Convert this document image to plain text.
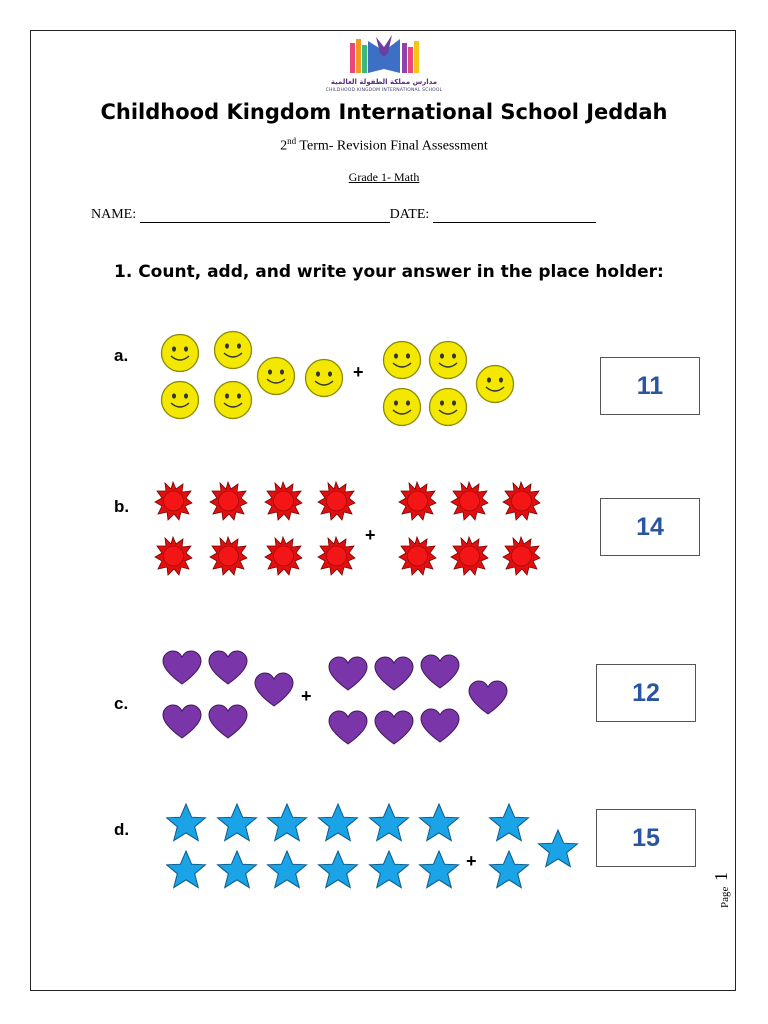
مدارس مملكة الطفولة العالمية
CHILDHOOD KINGDOM INTERNATIONAL SCHOOL
Childhood Kingdom International School Jeddah
2nd Term- Revision Final Assessment
Grade 1- Math
NAME:	DATE:
1. Count, add, and write your answer in the place holder:
a.
+	11
b.
+	14
c.	+	12
d.
+
15
Page
1
